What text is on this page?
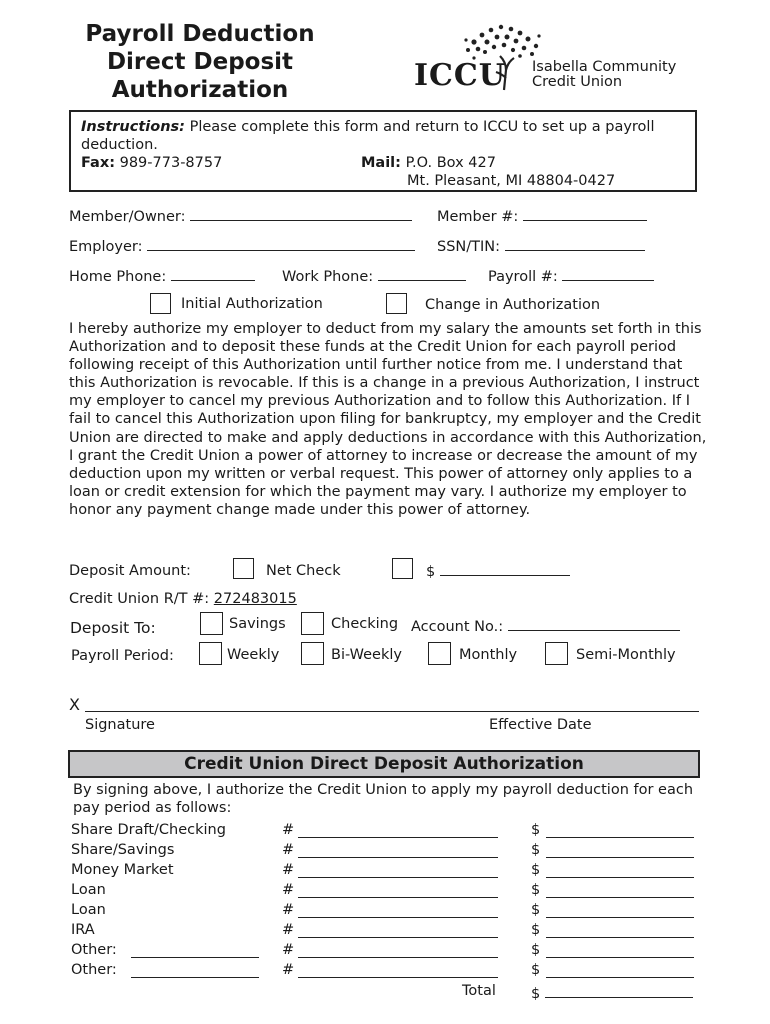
Payroll Deduction
Direct Deposit
Authorization	ICCU Isabella Community
Credit Union
Instructions: Please complete this form and return to ICCU to set up a payroll deduction.
Fax: 989-773-8757	Mail: P.O. Box 427
Mt. Pleasant, MI 48804-0427
Member/Owner:	Member #:
Employer:	SSN/TIN:
Home Phone:	Work Phone:	Payroll #:
Initial Authorization	Change in Authorization
I hereby authorize my employer to deduct from my salary the amounts set forth in this Authorization and to deposit these funds at the Credit Union for each payroll period following receipt of this Authorization until further notice from me. I understand that this Authorization is revocable. If this is a change in a previous Authorization, I instruct my employer to cancel my previous Authorization and to follow this Authorization. If I fail to cancel this Authorization upon filing for bankruptcy, my employer and the Credit Union are directed to make and apply deductions in accordance with this Authorization, I grant the Credit Union a power of attorney to increase or decrease the amount of my deduction upon my written or verbal request. This power of attorney only applies to a loan or credit extension for which the payment may vary. I authorize my employer to honor any payment change made under this power of attorney.
Deposit Amount:	Net Check	$
Credit Union R/T #: 272483015
Deposit To:	Savings	Checking Account No.:
Payroll Period:	Weekly	Bi-Weekly	Monthly	Semi-Monthly
X
Signature	Effective Date
Credit Union Direct Deposit Authorization
By signing above, I authorize the Credit Union to apply my payroll deduction for each pay period as follows:
Share Draft/Checking	#	$
Share/Savings	#	$
Money Market	#	$
Loan	#	$
Loan	#	$
IRA	#	$
Other:	#	$
Other:	#	$
Total $
